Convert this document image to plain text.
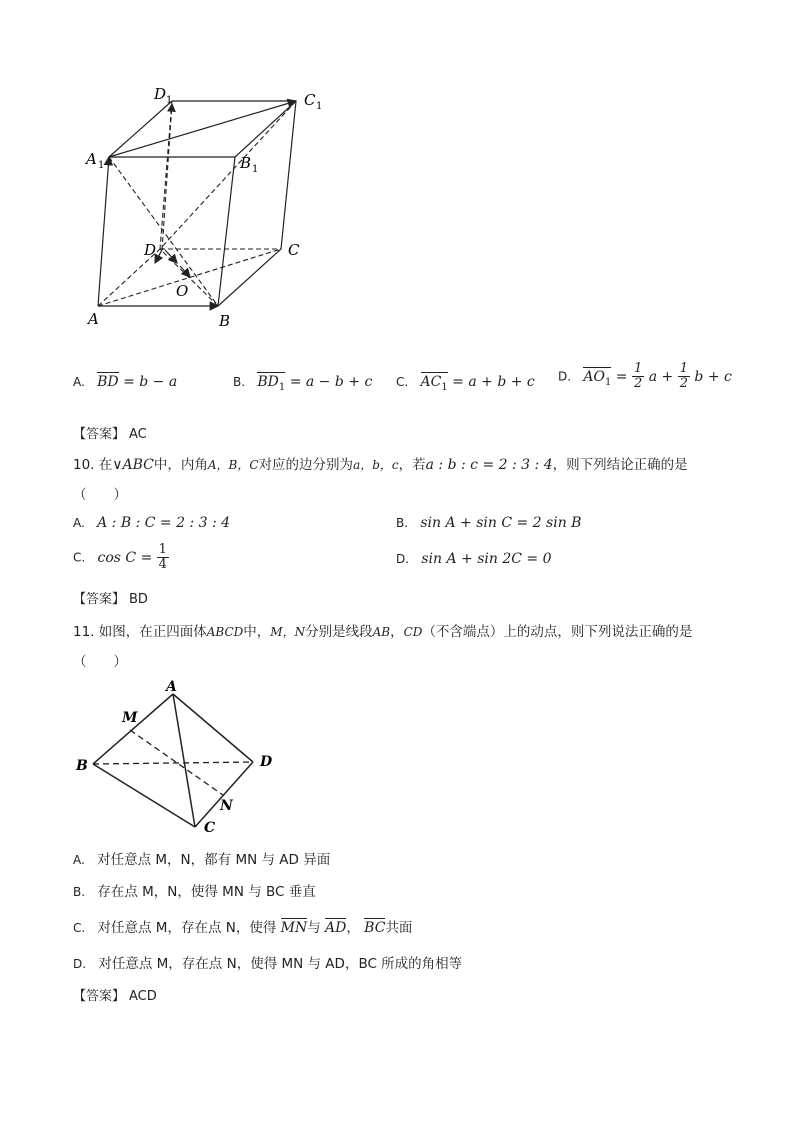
D 1	C 1
A 1	B 1
D	C
O
A	B
A. BD = b − a	B. $BD_1 = a - b + c$ C. $AC_1 = a + b + c$ D. $AO_1 = \frac{1}{2}$ $a + \frac{1}{2}$ b + c
【答案】 AC
10. 在∨ABC中，内角A，B，C对应的边分别为a，b，c，若a : b : c = 2 : 3 : 4，则下列结论正确的是
（　　）
A. A : B : C = 2 : 3 : 4	B. sin A + sin C = 2 sin B
C. $\cos C = \frac{1}{4}$	D. sin A + sin 2C = 0
【答案】 BD
11. 如图，在正四面体ABCD中，M，N分别是线段AB，CD（不含端点）上的动点，则下列说法正确的是
（　　）
A
M
B	D
N
C
A. 对任意点 M，N，都有 MN 与 AD 异面
B. 存在点 M，N，使得 MN 与 BC 垂直
C. 对任意点 M，存在点 N，使得 MN与 AD， BC共面
D. 对任意点 M，存在点 N，使得 MN 与 AD，BC 所成的角相等
【答案】 ACD
